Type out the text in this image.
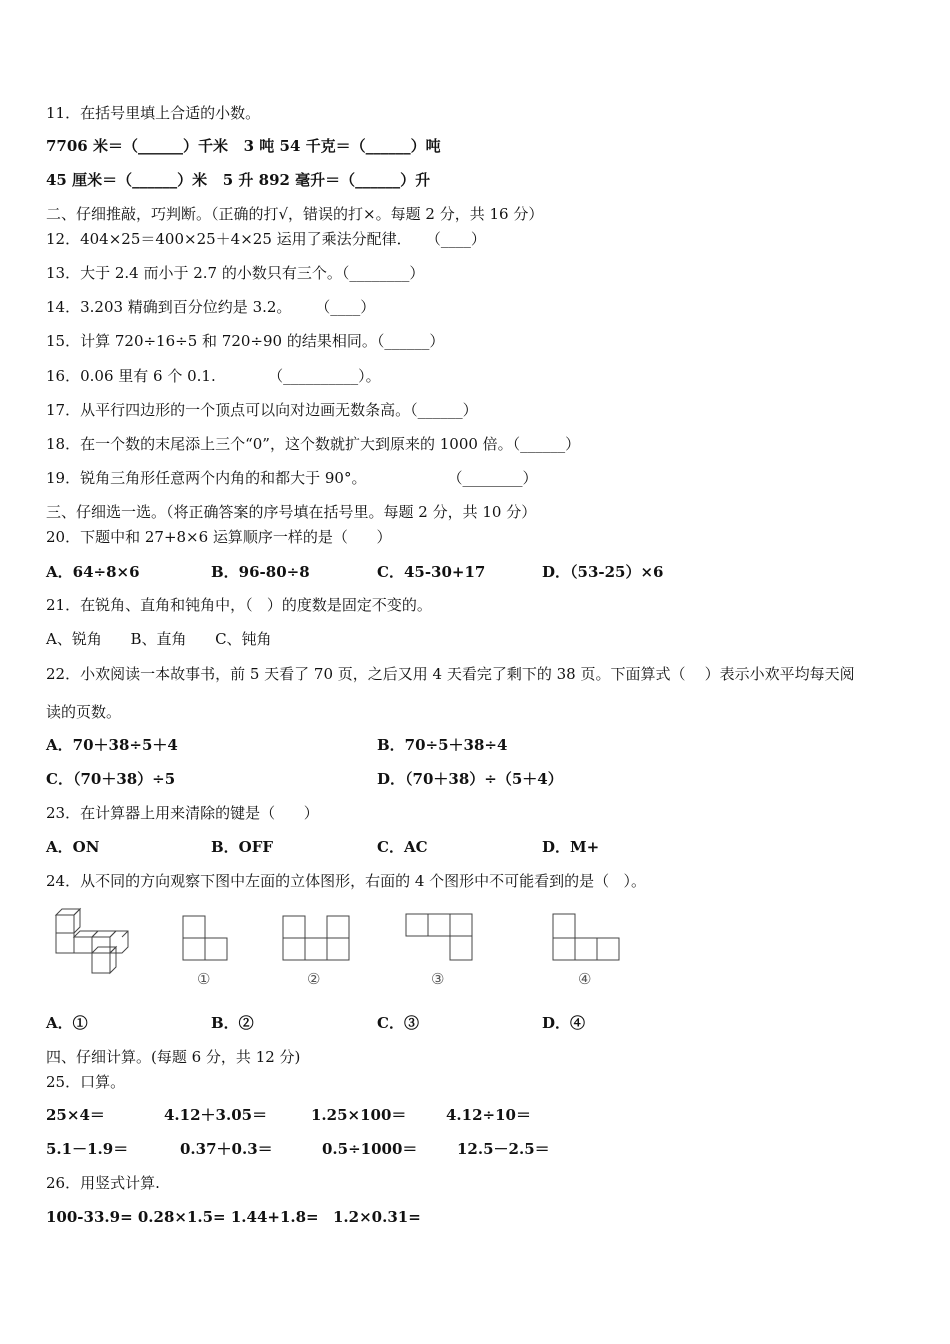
11．在括号里填上合适的小数。
7706 米＝（______）千米   3 吨 54 千克＝（______）吨
45 厘米＝（______）米   5 升 892 毫升＝（______）升
二、仔细推敲，巧判断。（正确的打√，错误的打×。每题 2 分，共 16 分）
12．404×25＝400×25＋4×25 运用了乘法分配律．   （____）
13．大于 2.4 而小于 2.7 的小数只有三个。（________）
14．3.203 精确到百分位约是 3.2。     （____）
15．计算 720÷16÷5 和 720÷90 的结果相同。（______）
16．0.06 里有 6 个 0.1.           （__________）。
17．从平行四边形的一个顶点可以向对边画无数条高。（______）
18．在一个数的末尾添上三个“0”，这个数就扩大到原来的 1000 倍。（______）
19．锐角三角形任意两个内角的和都大于 90°。                 （________）
三、仔细选一选。（将正确答案的序号填在括号里。每题 2 分，共 10 分）
20．下题中和 27+8×6 运算顺序一样的是（      ）
A．64÷8×6	B．96-80÷8	C．45-30+17	D．（53-25）×6
21．在锐角、直角和钝角中，（   ）的度数是固定不变的。
A、锐角      B、直角      C、钝角
22．小欢阅读一本故事书，前 5 天看了 70 页，之后又用 4 天看完了剩下的 38 页。下面算式（    ）表示小欢平均每天阅
读的页数。
A．70＋38÷5＋4	B．70÷5＋38÷4
C．（70＋38）÷5	D．（70＋38）÷（5＋4）
23．在计算器上用来清除的键是（      ）
A．ON	B．OFF	C．AC	D．M+
24．从不同的方向观察下图中左面的立体图形，右面的 4 个图形中不可能看到的是（   ）。
①	②	③	④
A．①	B．②	C．③	D．④
四、仔细计算。(每题 6 分，共 12 分)
25．口算。
25×4＝	4.12＋3.05＝	1.25×100＝	4.12÷10＝
5.1－1.9＝	0.37＋0.3＝	0.5÷1000＝	12.5－2.5＝
26．用竖式计算.
100-33.9= 0.28×1.5= 1.44+1.8= 1.2×0.31=
